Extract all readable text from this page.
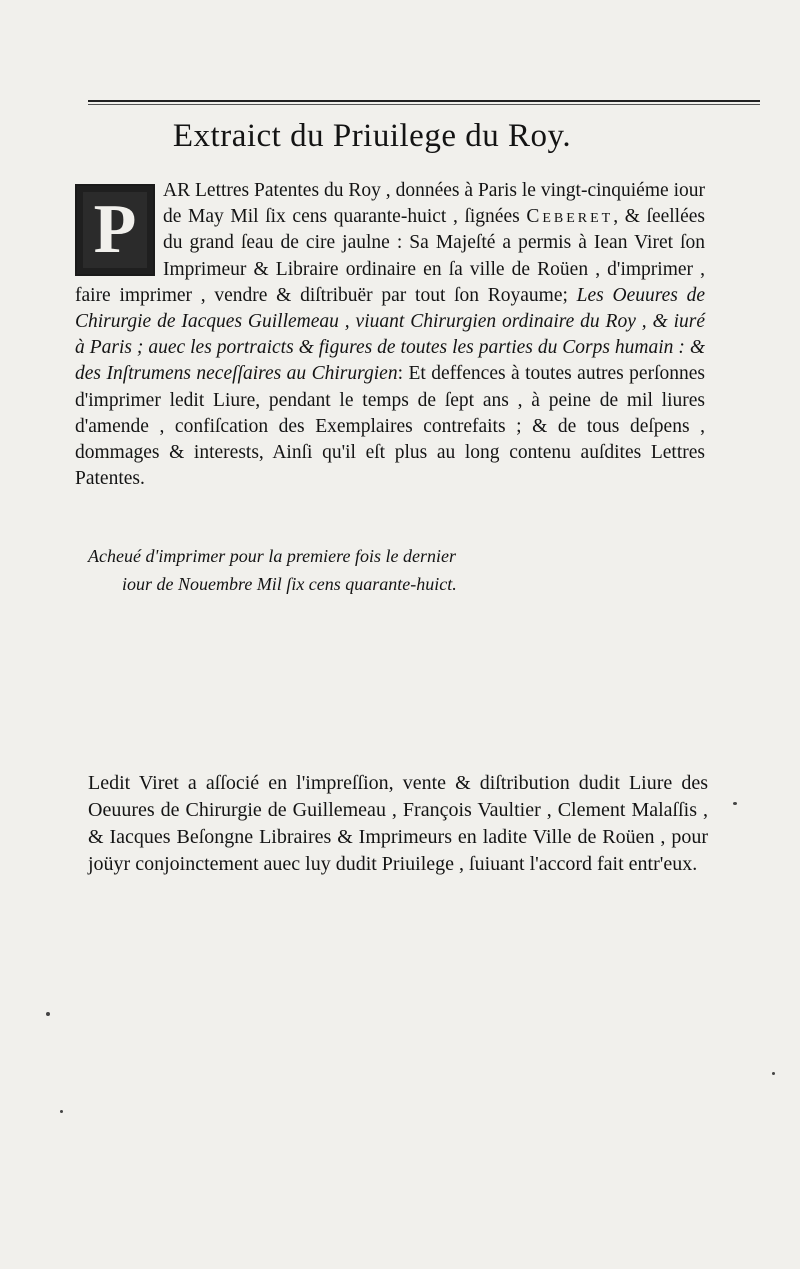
Extraict du Priuilege du Roy.
P
AR Lettres Patentes du Roy , données à Paris le vingt-cinquiéme iour de May Mil ſix cens quarante-huict , ſignées Ceberet, & ſeellées du grand ſeau de cire jaulne : Sa Majeſté a permis à Iean Viret ſon Imprimeur & Libraire ordinaire en ſa ville de Roüen , d'imprimer , faire imprimer , vendre & diſtribuër par tout ſon Royaume; Les Oeuures de Chirurgie de Iacques Guillemeau , viuant Chirurgien ordinaire du Roy , & iuré à Paris ; auec les portraicts & figures de toutes les parties du Corps humain : & des Inſtrumens neceſſaires au Chirurgien: Et deffences à toutes autres perſonnes d'imprimer ledit Liure, pendant le temps de ſept ans , à peine de mil liures d'amende , confiſcation des Exemplaires contrefaits ; & de tous deſpens , dommages & interests, Ainſi qu'il eſt plus au long contenu auſdites Lettres Patentes.
Acheué d'imprimer pour la premiere fois le dernier
iour de Nouembre Mil ſix cens quarante-huict.
Ledit Viret a aſſocié en l'impreſſion, vente & diſtribution dudit Liure des Oeuures de Chirurgie de Guillemeau , François Vaultier , Clement Malaſſis , & Iacques Beſongne Libraires & Imprimeurs en ladite Ville de Roüen , pour joüyr conjoinctement auec luy dudit Priuilege , ſuiuant l'accord fait entr'eux.
